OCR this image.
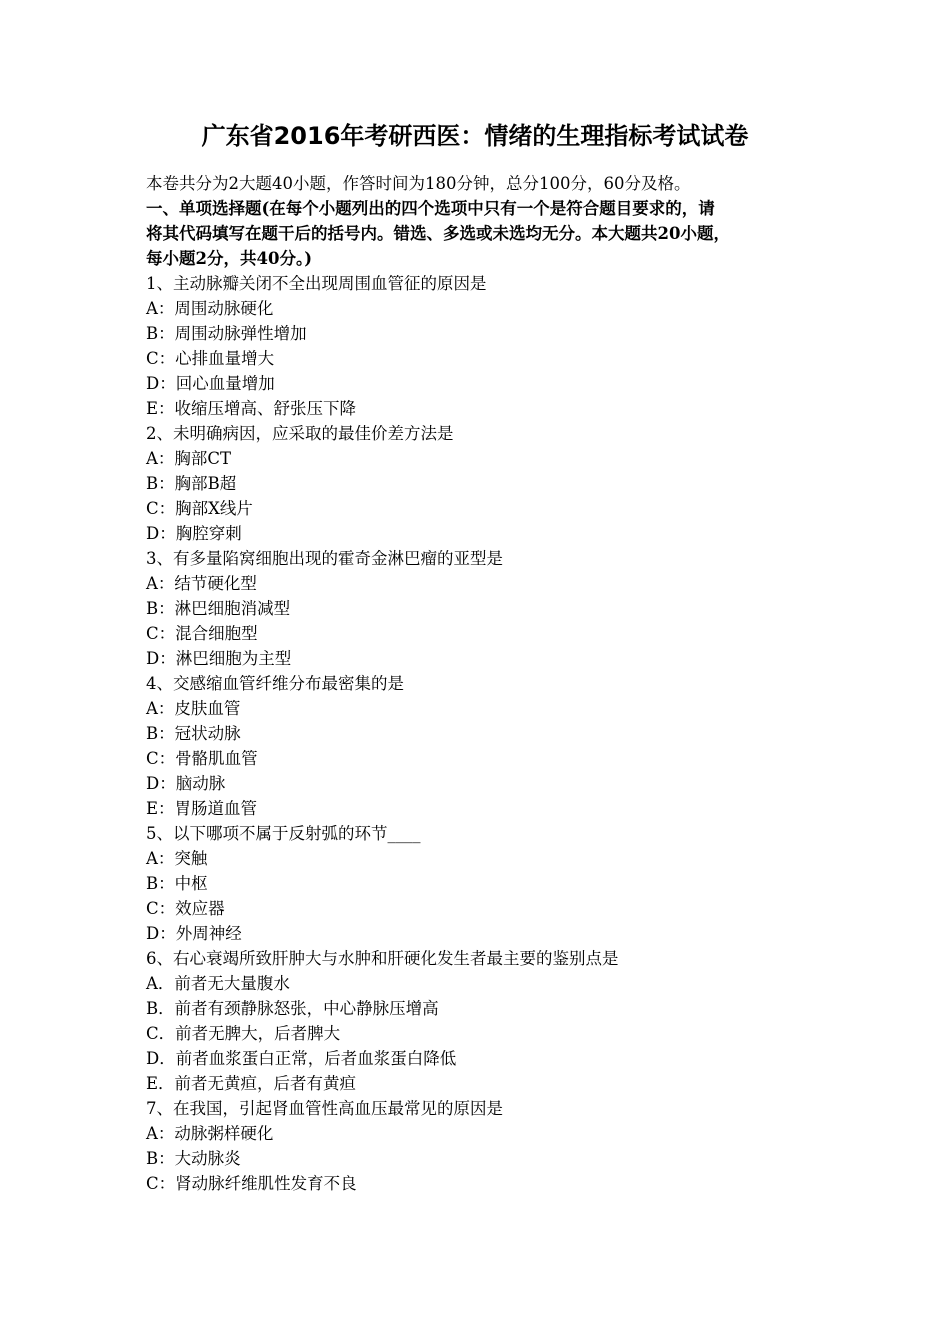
广东省2016年考研西医：情绪的生理指标考试试卷
本卷共分为2大题40小题，作答时间为180分钟，总分100分，60分及格。
一、单项选择题(在每个小题列出的四个选项中只有一个是符合题目要求的，请
将其代码填写在题干后的括号内。错选、多选或未选均无分。本大题共20小题，
每小题2分，共40分。)
1、主动脉瓣关闭不全出现周围血管征的原因是
A：周围动脉硬化
B：周围动脉弹性增加
C：心排血量增大
D：回心血量增加
E：收缩压增高、舒张压下降
2、未明确病因，应采取的最佳价差方法是
A：胸部CT
B：胸部B超
C：胸部X线片
D：胸腔穿刺
3、有多量陷窝细胞出现的霍奇金淋巴瘤的亚型是
A：结节硬化型
B：淋巴细胞消减型
C：混合细胞型
D：淋巴细胞为主型
4、交感缩血管纤维分布最密集的是
A：皮肤血管
B：冠状动脉
C：骨骼肌血管
D：脑动脉
E：胃肠道血管
5、以下哪项不属于反射弧的环节____
A：突触
B：中枢
C：效应器
D：外周神经
6、右心衰竭所致肝肿大与水肿和肝硬化发生者最主要的鉴别点是
A．前者无大量腹水
B．前者有颈静脉怒张，中心静脉压增高
C．前者无脾大，后者脾大
D．前者血浆蛋白正常，后者血浆蛋白降低
E．前者无黄疸，后者有黄疸
7、在我国，引起肾血管性高血压最常见的原因是
A：动脉粥样硬化
B：大动脉炎
C：肾动脉纤维肌性发育不良
